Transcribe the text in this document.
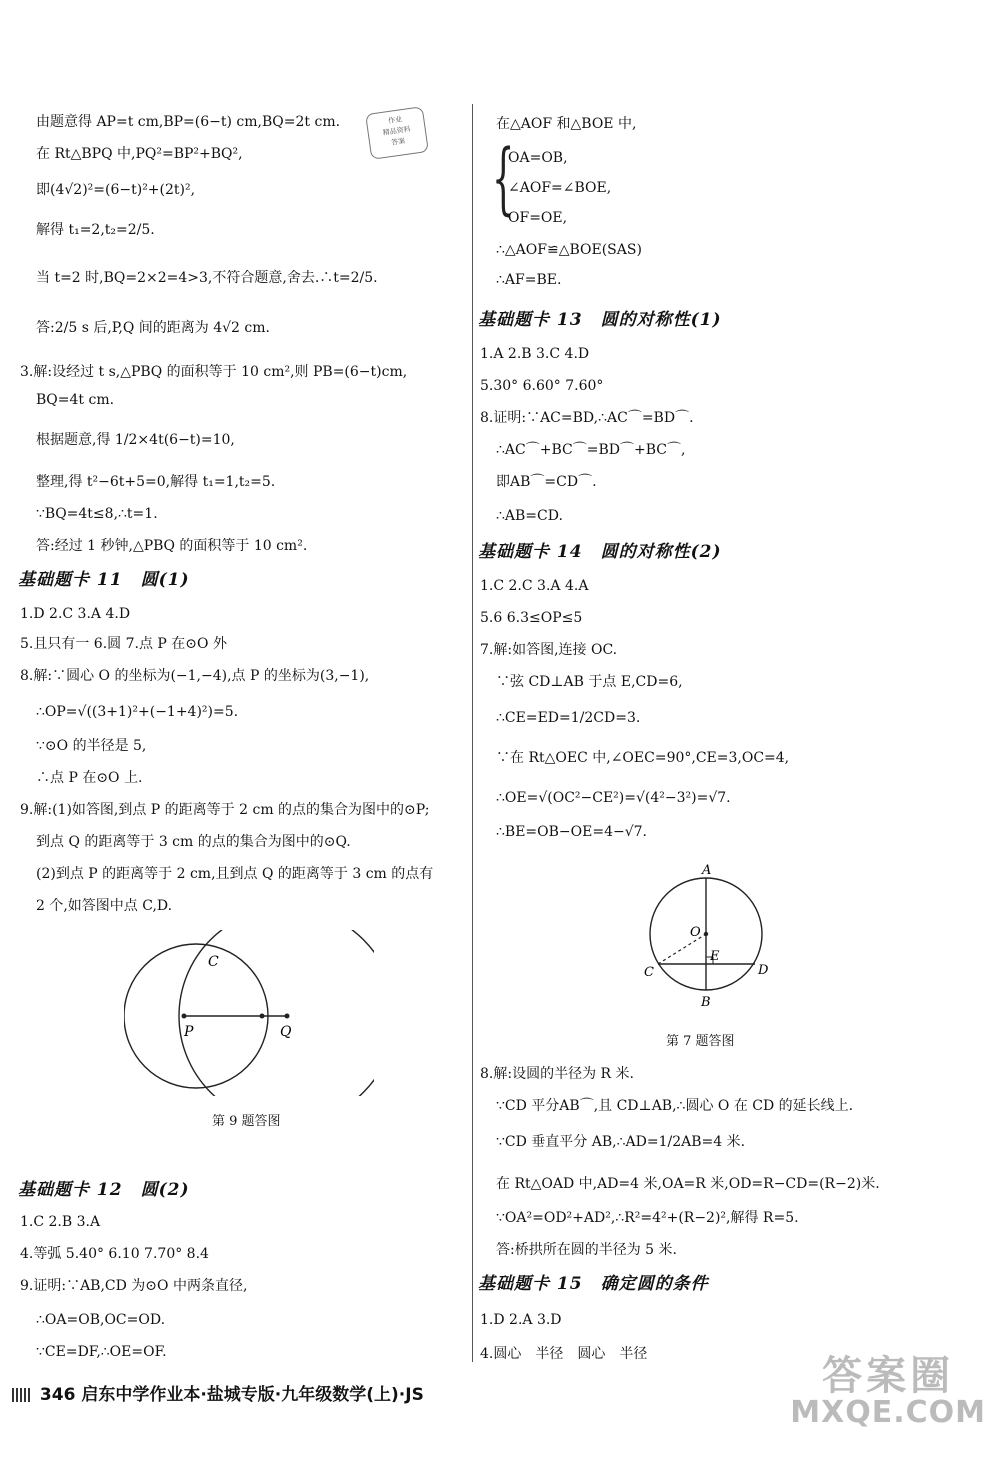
作业
精品资料
答案
由题意得 AP=t cm,BP=(6−t) cm,BQ=2t cm.
在 Rt△BPQ 中,PQ²=BP²+BQ²,
即(4√2)²=(6−t)²+(2t)²,
解得 t₁=2,t₂=2/5.
当 t=2 时,BQ=2×2=4>3,不符合题意,舍去.∴t=2/5.
答:2/5 s 后,P,Q 间的距离为 4√2 cm.
3.解:设经过 t s,△PBQ 的面积等于 10 cm²,则 PB=(6−t)cm,
BQ=4t cm.
根据题意,得 1/2×4t(6−t)=10,
整理,得 t²−6t+5=0,解得 t₁=1,t₂=5.
∵BQ=4t≤8,∴t=1.
答:经过 1 秒钟,△PBQ 的面积等于 10 cm².
基础题卡 11　圆(1)
1.D 2.C 3.A 4.D
5.且只有一 6.圆 7.点 P 在⊙O 外
8.解:∵圆心 O 的坐标为(−1,−4),点 P 的坐标为(3,−1),
∴OP=√((3+1)²+(−1+4)²)=5.
∵⊙O 的半径是 5,
∴点 P 在⊙O 上.
9.解:(1)如答图,到点 P 的距离等于 2 cm 的点的集合为图中的⊙P;
到点 Q 的距离等于 3 cm 的点的集合为图中的⊙Q.
(2)到点 P 的距离等于 2 cm,且到点 Q 的距离等于 3 cm 的点有
2 个,如答图中点 C,D.
C
P	Q
第 9 题答图
基础题卡 12　圆(2)
1.C 2.B 3.A
4.等弧 5.40° 6.10 7.70° 8.4
9.证明:∵AB,CD 为⊙O 中两条直径,
∴OA=OB,OC=OD.
∵CE=DF,∴OE=OF.
在△AOF 和△BOE 中,
{
OA=OB,
∠AOF=∠BOE,
OF=OE,
∴△AOF≌△BOE(SAS)
∴AF=BE.
基础题卡 13　圆的对称性(1)
1.A 2.B 3.C 4.D
5.30° 6.60° 7.60°
8.证明:∵AC=BD,∴AC⌒=BD⌒.
∴AC⌒+BC⌒=BD⌒+BC⌒,
即AB⌒=CD⌒.
∴AB=CD.
基础题卡 14　圆的对称性(2)
1.C 2.C 3.A 4.A
5.6 6.3≤OP≤5
7.解:如答图,连接 OC.
∵弦 CD⊥AB 于点 E,CD=6,
∴CE=ED=1/2CD=3.
∵在 Rt△OEC 中,∠OEC=90°,CE=3,OC=4,
∴OE=√(OC²−CE²)=√(4²−3²)=√7.
∴BE=OB−OE=4−√7.
A
O
E
C	D
B
第 7 题答图
8.解:设圆的半径为 R 米.
∵CD 平分AB⌒,且 CD⊥AB,∴圆心 O 在 CD 的延长线上.
∵CD 垂直平分 AB,∴AD=1/2AB=4 米.
在 Rt△OAD 中,AD=4 米,OA=R 米,OD=R−CD=(R−2)米.
∵OA²=OD²+AD²,∴R²=4²+(R−2)²,解得 R=5.
答:桥拱所在圆的半径为 5 米.
基础题卡 15　确定圆的条件
1.D 2.A 3.D
4.圆心　半径　圆心　半径
346 启东中学作业本·盐城专版·九年级数学(上)·JS	答案圈
MXQE.COM
